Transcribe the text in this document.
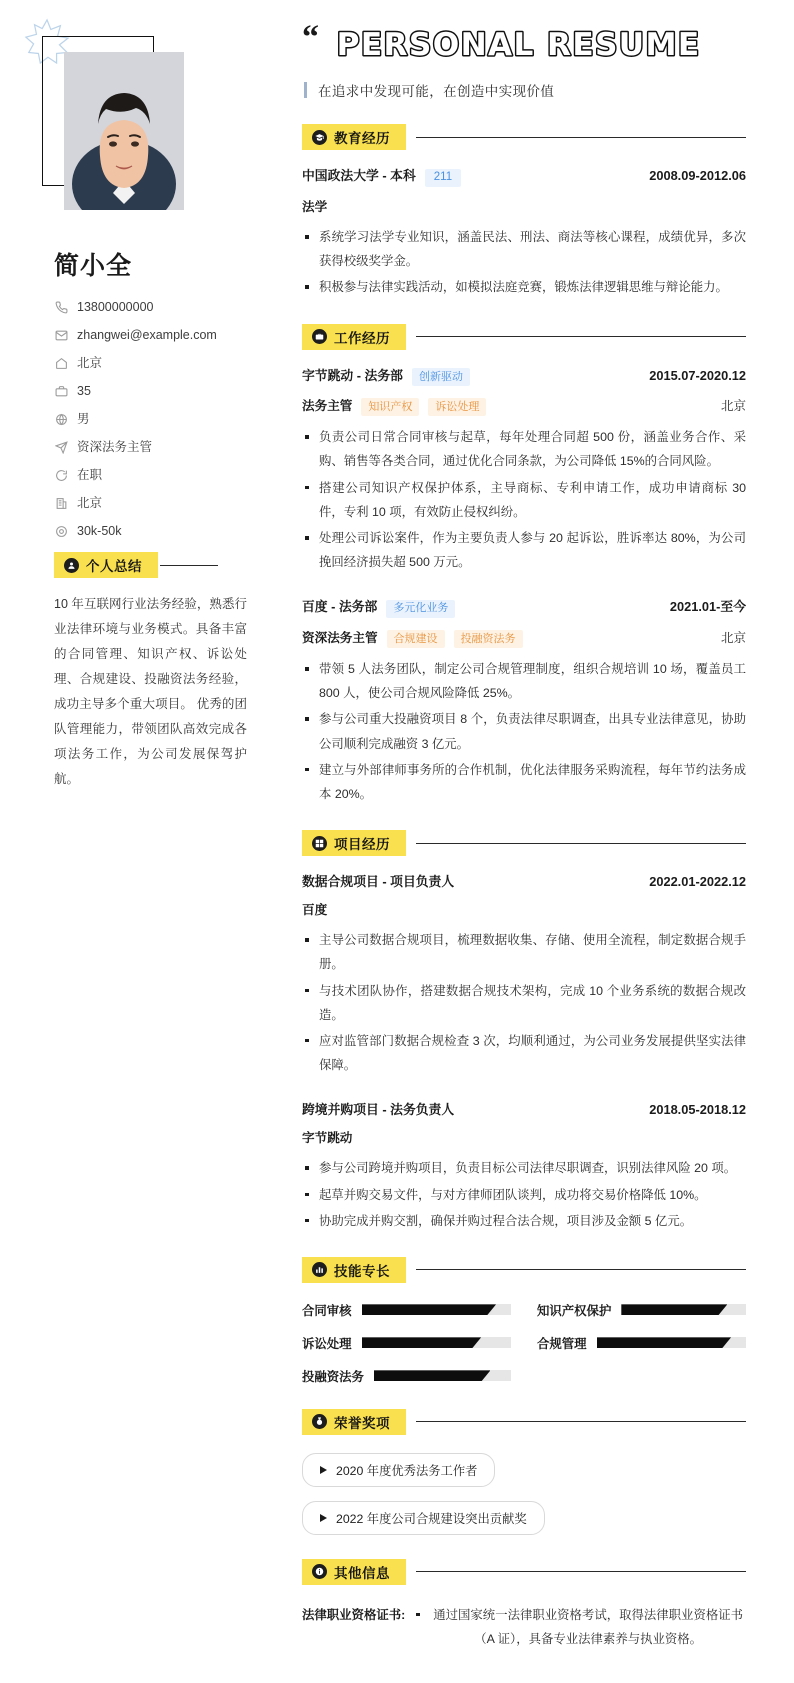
简小全
13800000000
zhangwei@example.com
北京
35
男
资深法务主管
在职
北京
30k-50k
个人总结

10 年互联网行业法务经验，熟悉行业法律环境与业务模式。具备丰富的合同管理、知识产权、诉讼处理、合规建设、投融资法务经验，成功主导多个重大项目。 优秀的团队管理能力，带领团队高效完成各项法务工作，为公司发展保驾护航。

“ PERSONAL RESUME
在追求中发现可能，在创造中实现价值
教育经历
中国政法大学 - 本科	211	2008.09-2012.06
法学
系统学习法学专业知识，涵盖民法、刑法、商法等核心课程，成绩优异，多次获得校级奖学金。
积极参与法律实践活动，如模拟法庭竞赛，锻炼法律逻辑思维与辩论能力。
工作经历
字节跳动 - 法务部	创新驱动	2015.07-2020.12
法务主管	知识产权	诉讼处理	北京
负责公司日常合同审核与起草，每年处理合同超 500 份，涵盖业务合作、采购、销售等各类合同，通过优化合同条款，为公司降低 15%的合同风险。
搭建公司知识产权保护体系，主导商标、专利申请工作，成功申请商标 30 件，专利 10 项，有效防止侵权纠纷。
处理公司诉讼案件，作为主要负责人参与 20 起诉讼，胜诉率达 80%，为公司挽回经济损失超 500 万元。
百度 - 法务部	多元化业务	2021.01-至今
资深法务主管	合规建设	投融资法务	北京
带领 5 人法务团队，制定公司合规管理制度，组织合规培训 10 场，覆盖员工 800 人，使公司合规风险降低 25%。
参与公司重大投融资项目 8 个，负责法律尽职调查，出具专业法律意见，协助公司顺利完成融资 3 亿元。
建立与外部律师事务所的合作机制，优化法律服务采购流程，每年节约法务成本 20%。
项目经历
数据合规项目 - 项目负责人	2022.01-2022.12
百度
主导公司数据合规项目，梳理数据收集、存储、使用全流程，制定数据合规手册。
与技术团队协作，搭建数据合规技术架构，完成 10 个业务系统的数据合规改造。
应对监管部门数据合规检查 3 次，均顺利通过，为公司业务发展提供坚实法律保障。
跨境并购项目 - 法务负责人	2018.05-2018.12
字节跳动
参与公司跨境并购项目，负责目标公司法律尽职调查，识别法律风险 20 项。
起草并购交易文件，与对方律师团队谈判，成功将交易价格降低 10%。
协助完成并购交割，确保并购过程合法合规，项目涉及金额 5 亿元。
技能专长
合同审核	知识产权保护
诉讼处理	合规管理
投融资法务
荣誉奖项
2020 年度优秀法务工作者
2022 年度公司合规建设突出贡献奖
其他信息
法律职业资格证书:	通过国家统一法律职业资格考试，取得法律职业资格证书（A 证），具备专业法律素养与执业资格。
